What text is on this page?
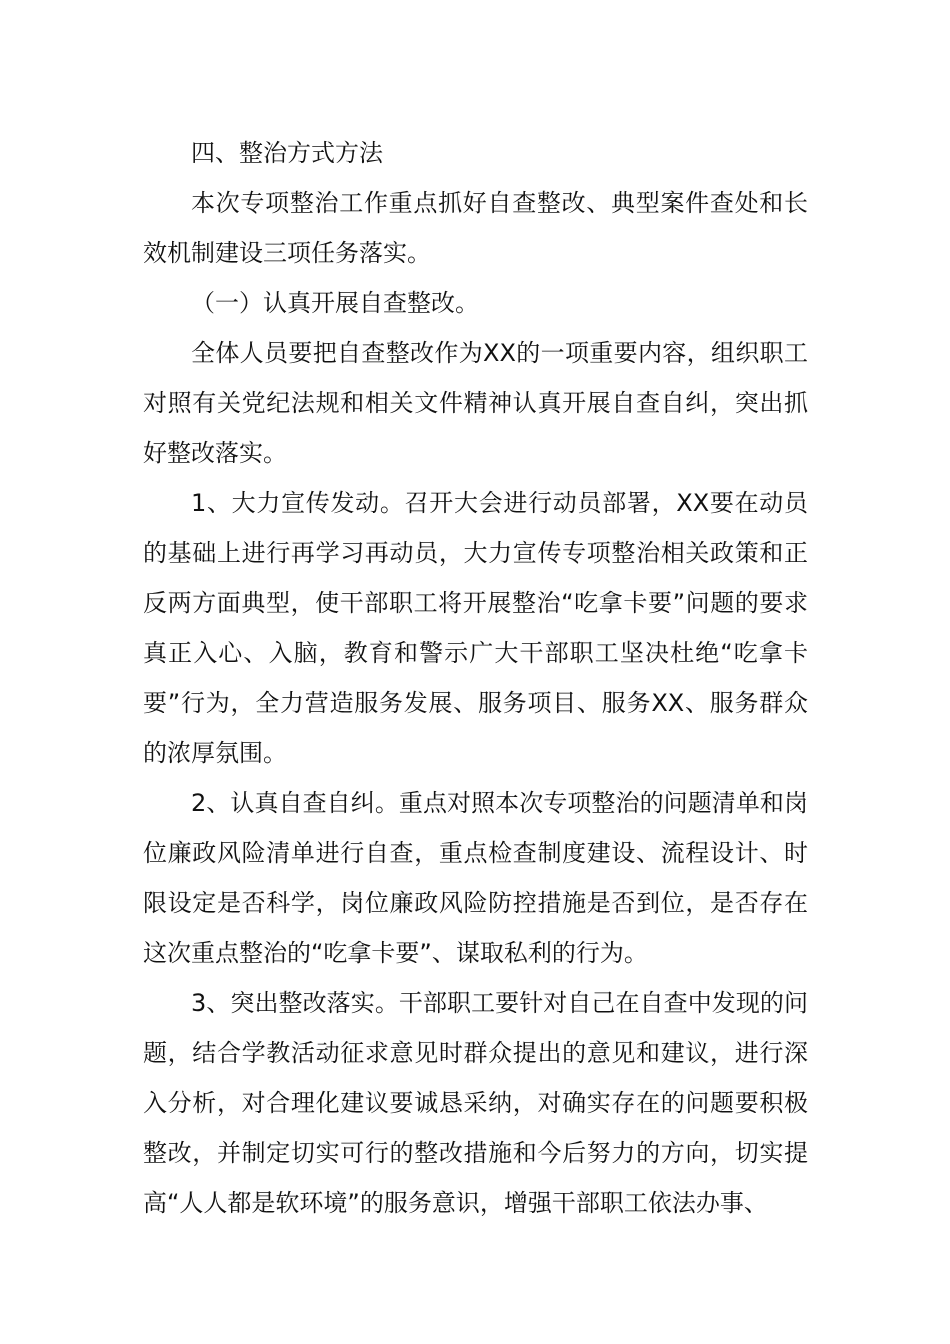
四、整治方式方法

本次专项整治工作重点抓好自查整改、典型案件查处和长效机制建设三项任务落实。

（一）认真开展自查整改。

全体人员要把自查整改作为XX的一项重要内容，组织职工对照有关党纪法规和相关文件精神认真开展自查自纠，突出抓好整改落实。

1、大力宣传发动。召开大会进行动员部署，XX要在动员的基础上进行再学习再动员，大力宣传专项整治相关政策和正反两方面典型，使干部职工将开展整治“吃拿卡要”问题的要求真正入心、入脑，教育和警示广大干部职工坚决杜绝“吃拿卡要”行为，全力营造服务发展、服务项目、服务XX、服务群众的浓厚氛围。

2、认真自查自纠。重点对照本次专项整治的问题清单和岗位廉政风险清单进行自查，重点检查制度建设、流程设计、时限设定是否科学，岗位廉政风险防控措施是否到位，是否存在这次重点整治的“吃拿卡要”、谋取私利的行为。

3、突出整改落实。干部职工要针对自己在自查中发现的问题，结合学教活动征求意见时群众提出的意见和建议，进行深入分析，对合理化建议要诚恳采纳，对确实存在的问题要积极整改，并制定切实可行的整改措施和今后努力的方向，切实提高“人人都是软环境”的服务意识，增强干部职工依法办事、
